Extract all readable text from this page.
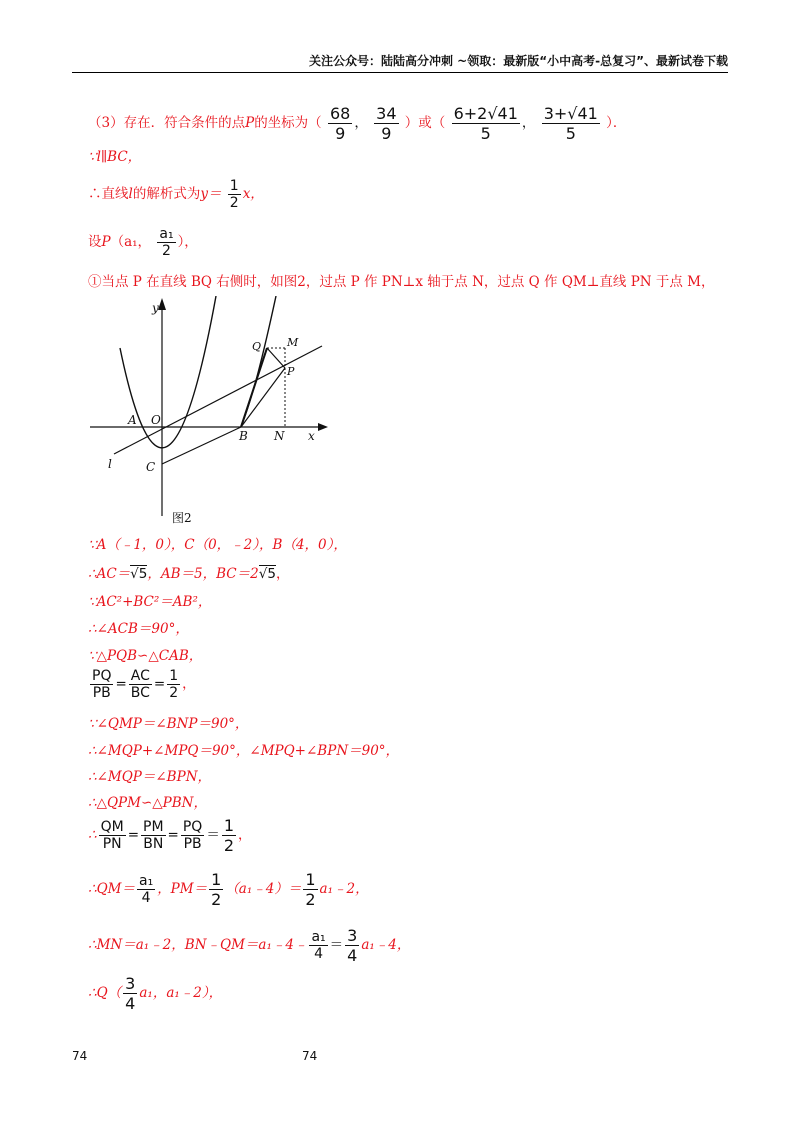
关注公众号：陆陆高分冲刺 ~领取：最新版“小中高考-总复习”、最新试卷下载
（3）存在．符合条件的点P的坐标为（ $\frac{68}{9}$ ， $\frac{34}{9}$ ）或（ $\frac{6+2√41}{5}$ ， $\frac{3+√41}{5}$ ）．
∵l∥BC，
∴直线l的解析式为$y= \frac{1}{2}$ x，
设P（a₁， $\frac{\text{a₁}}{2}$ ），
①当点 P 在直线 BQ 右侧时，如图2，过点 P 作 PN⊥x 轴于点 N，过点 Q 作 QM⊥直线 PN 于点 M，
y
x
O
A
B
C
N
M
P
Q
l
图2
∵A（﹣1，0），C（0，﹣2），B（4，0），
∴AC＝√5，AB＝5，BC＝2√5，
∵AC²+BC²＝AB²，
∴∠ACB＝90°，
∵△PQB∽△CAB，
$\frac{PQ}{PB} = \frac{AC}{BC} = \frac{1}{2}$ ，
∵∠QMP＝∠BNP＝90°，
∴∠MQP+∠MPQ＝90°，∠MPQ+∠BPN＝90°，
∴∠MQP＝∠BPN，
∴△QPM∽△PBN，
∴ $\frac{QM}{PN} = \frac{PM}{BN} = \frac{PQ}{PB} = \frac{1}{2}$ ，
∴QM＝ $\frac{\text{a₁}}{4}$ ，$PM= \frac{1}{2}$ （a₁﹣4）＝ $\frac{1}{2}$ a₁﹣2，
∴MN＝a₁﹣2，BN﹣QM＝a₁﹣4﹣ $\frac{\text{a₁}}{4} = \frac{3}{4}$ a₁﹣4，
∴Q（ $\frac{3}{4} a_1$，a₁﹣2），
74	74
